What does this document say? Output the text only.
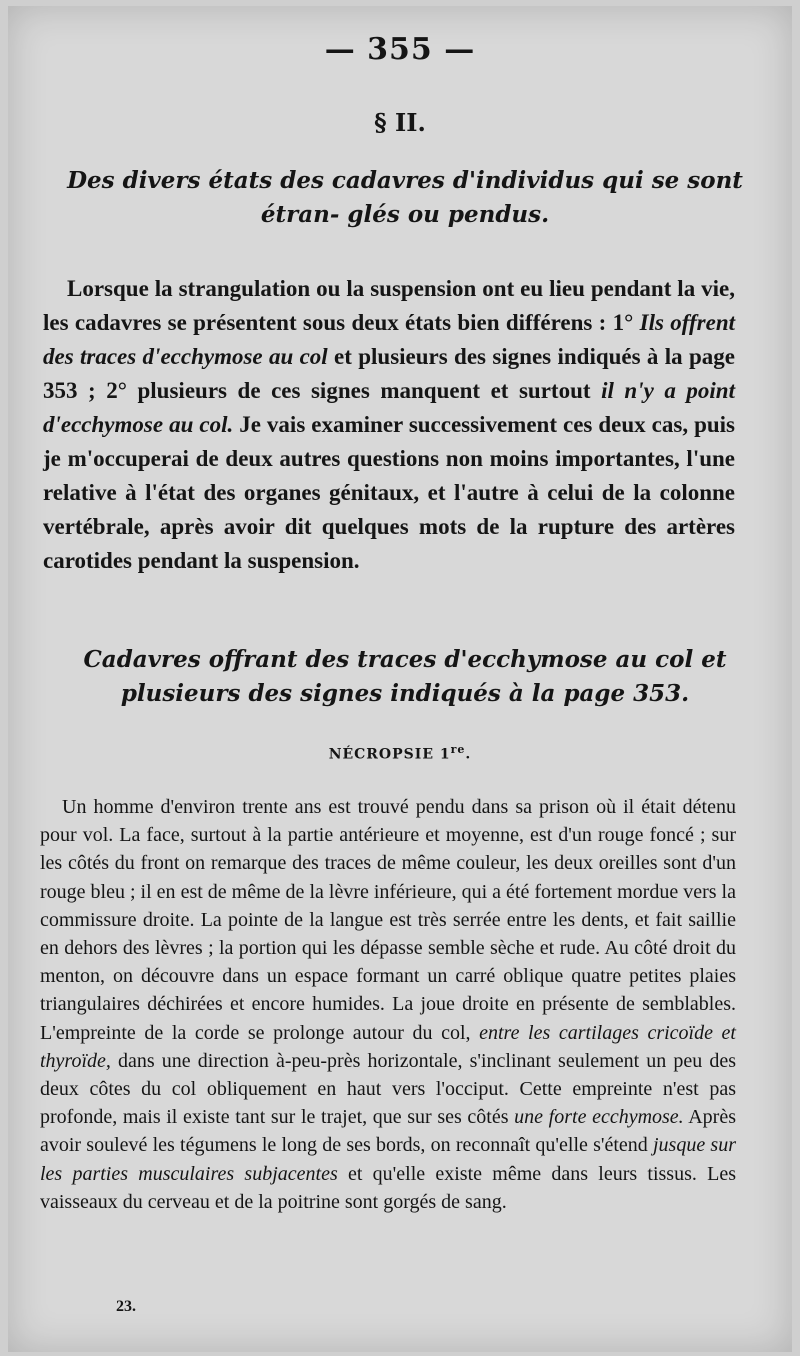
— 355 —
§ II.
Des divers états des cadavres d'individus qui se sont étran- glés ou pendus.
Lorsque la strangulation ou la suspension ont eu lieu pendant la vie, les cadavres se présentent sous deux états bien différens : 1° Ils offrent des traces d'ecchymose au col et plusieurs des signes indiqués à la page 353 ; 2° plusieurs de ces signes manquent et surtout il n'y a point d'ecchymose au col. Je vais examiner successivement ces deux cas, puis je m'occuperai de deux autres questions non moins importantes, l'une relative à l'état des organes génitaux, et l'autre à celui de la colonne vertébrale, après avoir dit quelques mots de la rupture des artères carotides pendant la suspension.
Cadavres offrant des traces d'ecchymose au col et plusieurs des signes indiqués à la page 353.
NÉCROPSIE 1re.
Un homme d'environ trente ans est trouvé pendu dans sa prison où il était détenu pour vol. La face, surtout à la partie antérieure et moyenne, est d'un rouge foncé ; sur les côtés du front on remarque des traces de même couleur, les deux oreilles sont d'un rouge bleu ; il en est de même de la lèvre inférieure, qui a été fortement mordue vers la commissure droite. La pointe de la langue est très serrée entre les dents, et fait saillie en dehors des lèvres ; la portion qui les dépasse semble sèche et rude. Au côté droit du menton, on découvre dans un espace formant un carré oblique quatre petites plaies triangulaires déchirées et encore humides. La joue droite en présente de semblables. L'empreinte de la corde se prolonge autour du col, entre les cartilages cricoïde et thyroïde, dans une direction à-peu-près horizontale, s'inclinant seulement un peu des deux côtes du col obliquement en haut vers l'occiput. Cette empreinte n'est pas profonde, mais il existe tant sur le trajet, que sur ses côtés une forte ecchymose. Après avoir soulevé les tégumens le long de ses bords, on reconnaît qu'elle s'étend jusque sur les parties musculaires subjacentes et qu'elle existe même dans leurs tissus. Les vaisseaux du cerveau et de la poitrine sont gorgés de sang.
23.
